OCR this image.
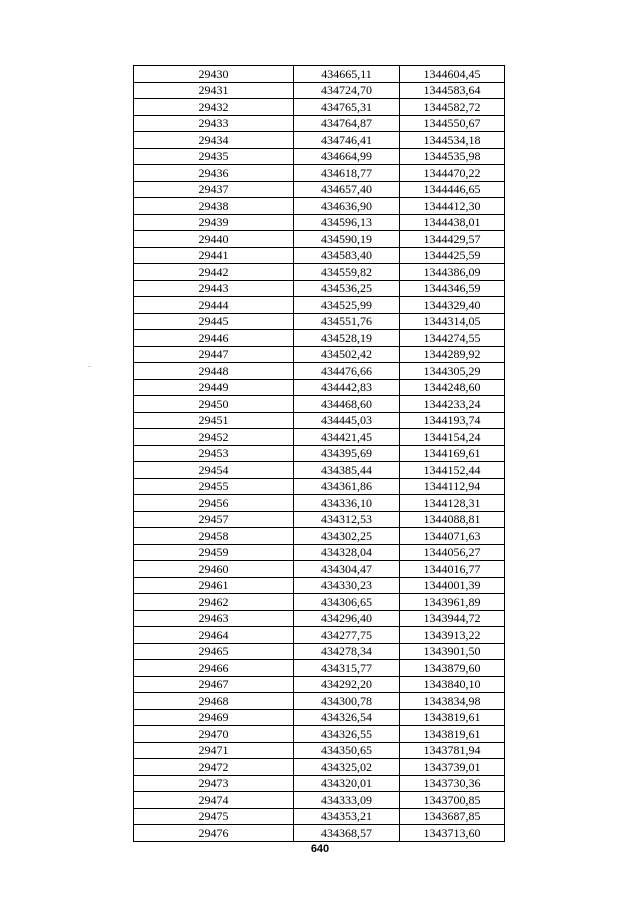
29430	434665,11	1344604,45
29431	434724,70	1344583,64
29432	434765,31	1344582,72
29433	434764,87	1344550,67
29434	434746,41	1344534,18
29435	434664,99	1344535,98
29436	434618,77	1344470,22
29437	434657,40	1344446,65
29438	434636,90	1344412,30
29439	434596,13	1344438,01
29440	434590,19	1344429,57
29441	434583,40	1344425,59
29442	434559,82	1344386,09
29443	434536,25	1344346,59
29444	434525,99	1344329,40
29445	434551,76	1344314,05
29446	434528,19	1344274,55
29447	434502,42	1344289,92
29448	434476,66	1344305,29
29449	434442,83	1344248,60
29450	434468,60	1344233,24
29451	434445,03	1344193,74
29452	434421,45	1344154,24
29453	434395,69	1344169,61
29454	434385,44	1344152,44
29455	434361,86	1344112,94
29456	434336,10	1344128,31
29457	434312,53	1344088,81
29458	434302,25	1344071,63
29459	434328,04	1344056,27
29460	434304,47	1344016,77
29461	434330,23	1344001,39
29462	434306,65	1343961,89
29463	434296,40	1343944,72
29464	434277,75	1343913,22
29465	434278,34	1343901,50
29466	434315,77	1343879,60
29467	434292,20	1343840,10
29468	434300,78	1343834,98
29469	434326,54	1343819,61
29470	434326,55	1343819,61
29471	434350,65	1343781,94
29472	434325,02	1343739,01
29473	434320,01	1343730,36
29474	434333,09	1343700,85
29475	434353,21	1343687,85
29476	434368,57	1343713,60
640
